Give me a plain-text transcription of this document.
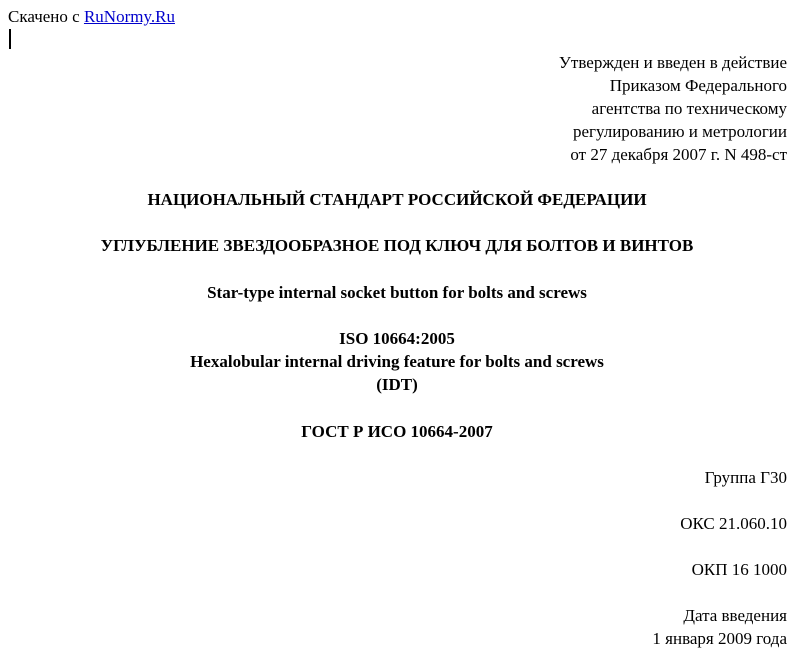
Скачено с RuNormy.Ru
Утвержден и введен в действие
Приказом Федерального
агентства по техническому
регулированию и метрологии
от 27 декабря 2007 г. N 498-ст
НАЦИОНАЛЬНЫЙ СТАНДАРТ РОССИЙСКОЙ ФЕДЕРАЦИИ
УГЛУБЛЕНИЕ ЗВЕЗДООБРАЗНОЕ ПОД КЛЮЧ ДЛЯ БОЛТОВ И ВИНТОВ
Star-type internal socket button for bolts and screws
ISO 10664:2005
Hexalobular internal driving feature for bolts and screws
(IDT)
ГОСТ Р ИСО 10664-2007
Группа Г30
ОКС 21.060.10
ОКП 16 1000
Дата введения
1 января 2009 года
